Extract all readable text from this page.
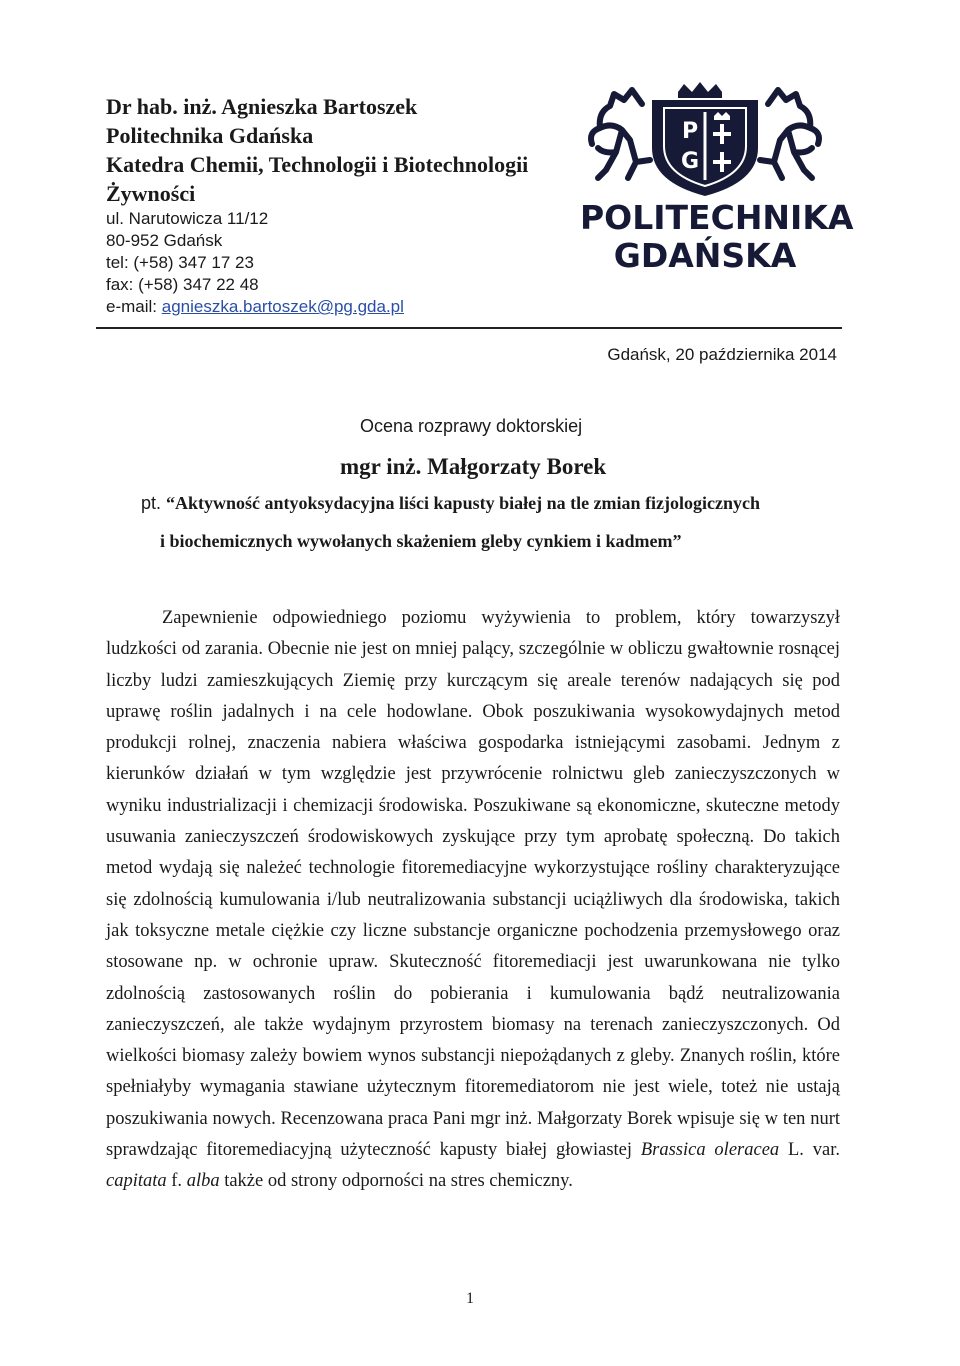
Dr hab. inż. Agnieszka Bartoszek
Politechnika Gdańska
Katedra Chemii, Technologii i Biotechnologii
Żywności
ul. Narutowicza 11/12
80-952 Gdańsk
tel: (+58) 347 17 23
fax: (+58) 347 22 48
e-mail: agnieszka.bartoszek@pg.gda.pl
P
G
POLITECHNIKA
GDAŃSKA
Gdańsk, 20 października 2014
Ocena rozprawy doktorskiej
mgr inż. Małgorzaty Borek
pt. “Aktywność antyoksydacyjna liści kapusty białej na tle zmian fizjologicznych
i biochemicznych wywołanych skażeniem gleby cynkiem i kadmem”

Zapewnienie odpowiedniego poziomu wyżywienia to problem, który towarzyszył ludzkości od zarania. Obecnie nie jest on mniej palący, szczególnie w obliczu gwałtownie rosnącej liczby ludzi zamieszkujących Ziemię przy kurczącym się areale terenów nadających się pod uprawę roślin jadalnych i na cele hodowlane. Obok poszukiwania wysokowydajnych metod produkcji rolnej, znaczenia nabiera właściwa gospodarka istniejącymi zasobami. Jednym z kierunków działań w tym względzie jest przywrócenie rolnictwu gleb zanieczyszczonych w wyniku industrializacji i chemizacji środowiska. Poszukiwane są ekonomiczne, skuteczne metody usuwania zanieczyszczeń środowiskowych zyskujące przy tym aprobatę społeczną. Do takich metod wydają się należeć technologie fitoremediacyjne wykorzystujące rośliny charakteryzujące się zdolnością kumulowania i/lub neutralizowania substancji uciążliwych dla środowiska, takich jak toksyczne metale ciężkie czy liczne substancje organiczne pochodzenia przemysłowego oraz stosowane np. w ochronie upraw. Skuteczność fitoremediacji jest uwarunkowana nie tylko zdolnością zastosowanych roślin do pobierania i kumulowania bądź neutralizowania zanieczyszczeń, ale także wydajnym przyrostem biomasy na terenach zanieczyszczonych. Od wielkości biomasy zależy bowiem wynos substancji niepożądanych z gleby. Znanych roślin, które spełniałyby wymagania stawiane użytecznym fitoremediatorom nie jest wiele, toteż nie ustają poszukiwania nowych. Recenzowana praca Pani mgr inż. Małgorzaty Borek wpisuje się w ten nurt sprawdzając fitoremediacyjną użyteczność kapusty białej głowiastej Brassica oleracea L. var. capitata f. alba także od strony odporności na stres chemiczny.

1
